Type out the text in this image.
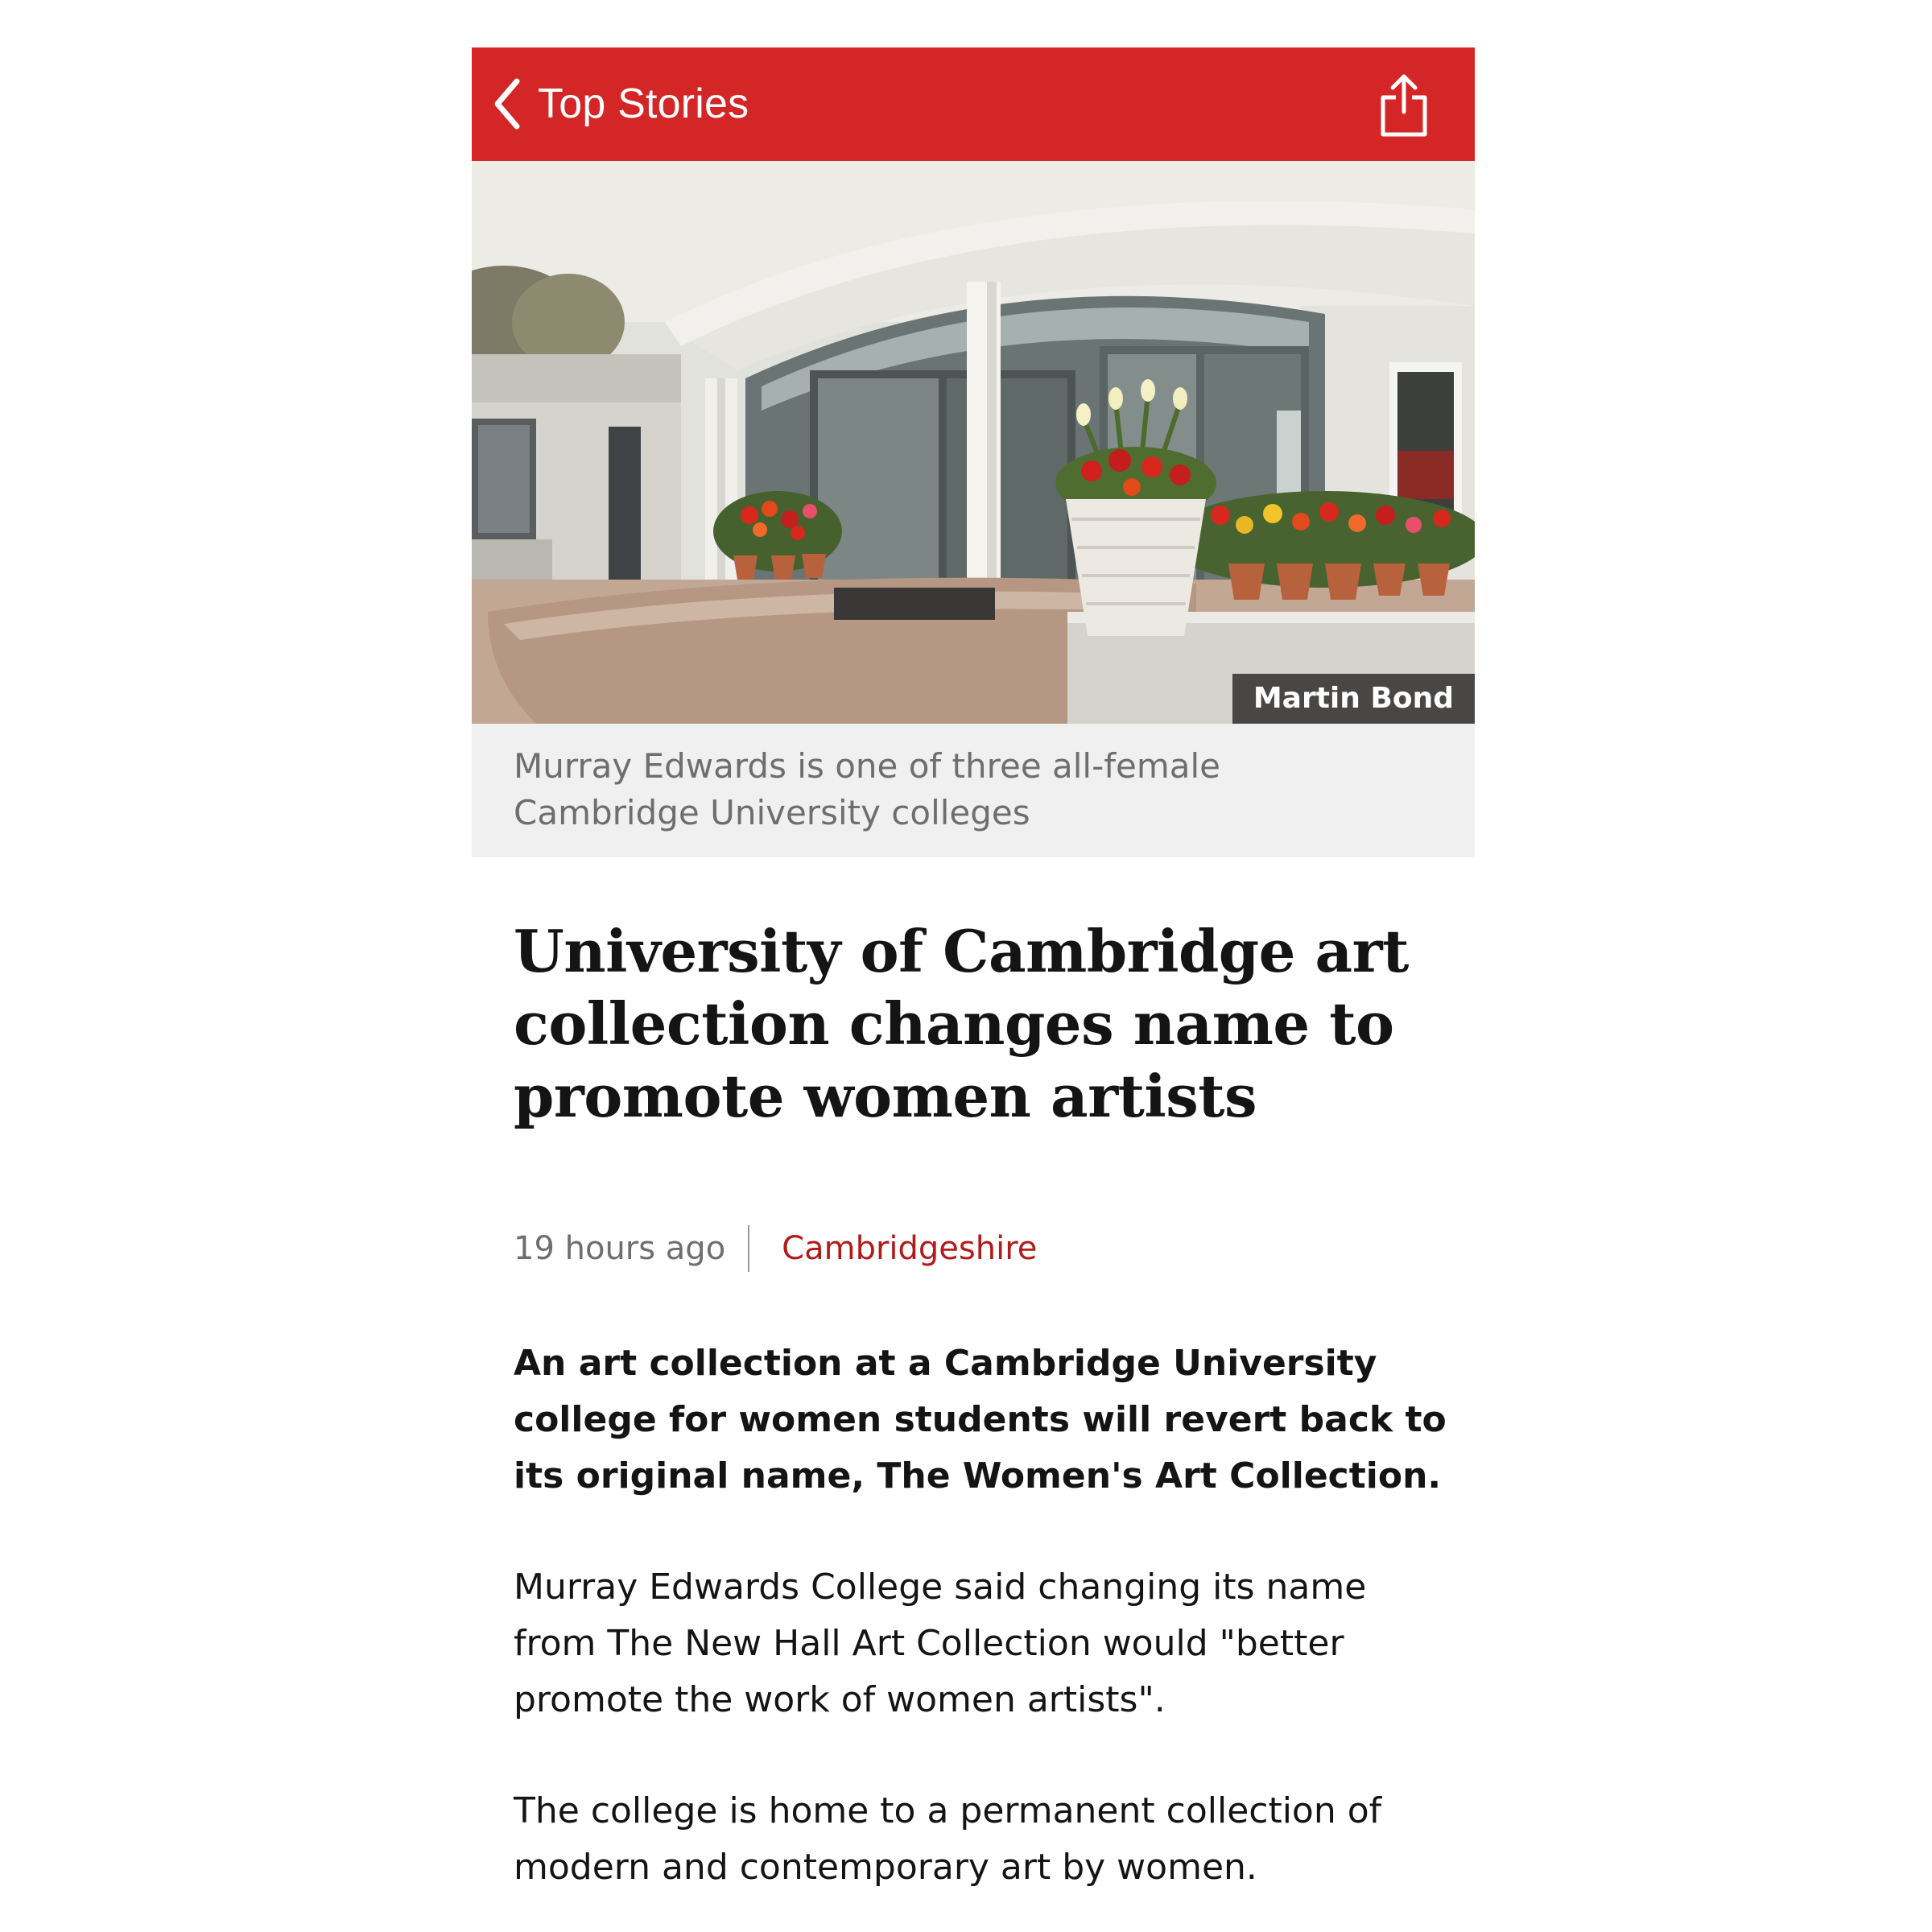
Top Stories
Martin Bond
Murray Edwards is one of three all-female Cambridge University colleges
University of Cambridge art collection changes name to promote women artists
19 hours ago Cambridgeshire

An art collection at a Cambridge University college for women students will revert back to its original name, The Women's Art Collection.

Murray Edwards College said changing its name from The New Hall Art Collection would "better promote the work of women artists".

The college is home to a permanent collection of modern and contemporary art by women.
